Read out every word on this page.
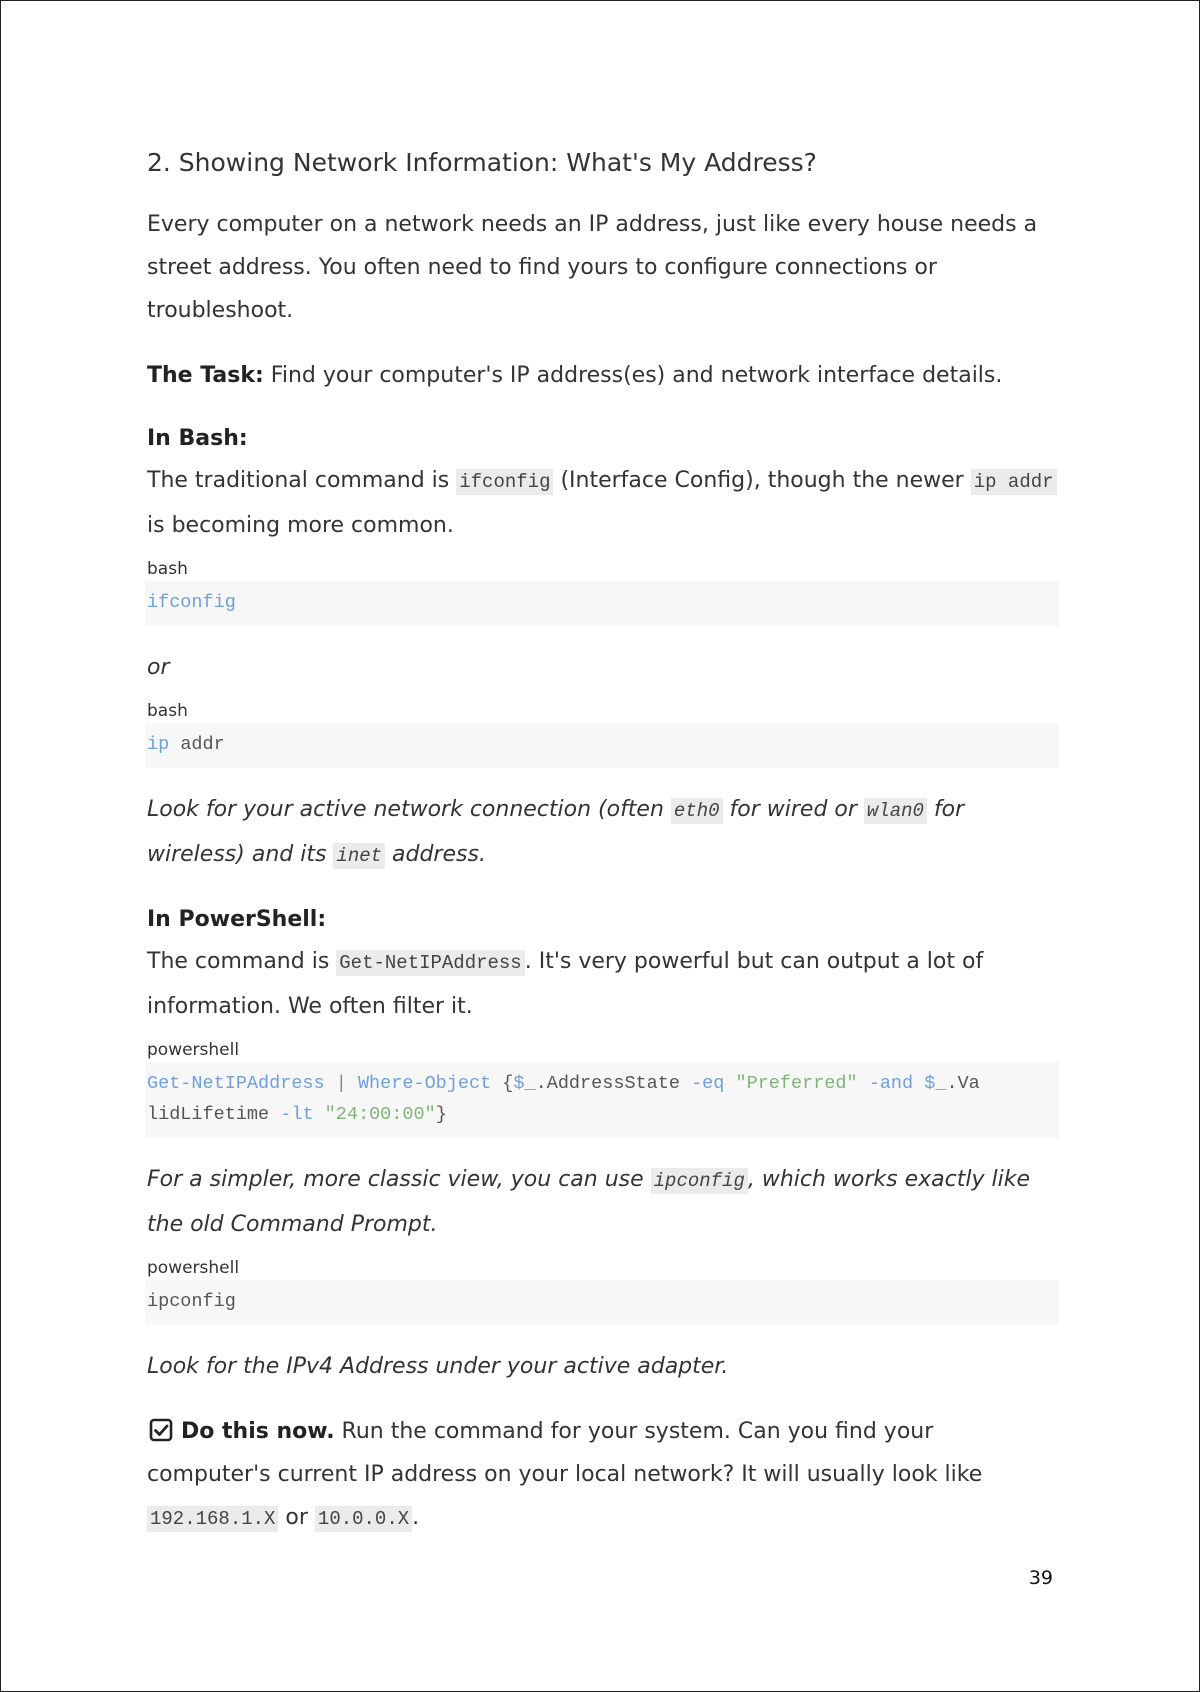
2. Showing Network Information: What's My Address?

Every computer on a network needs an IP address, just like every house needs a street address. You often need to find yours to configure connections or troubleshoot.

The Task: Find your computer's IP address(es) and network interface details.

In Bash:

The traditional command is ifconfig (Interface Config), though the newer ip addr is becoming more common.

bash
ifconfig

or

bash
ip addr

Look for your active network connection (often eth0 for wired or wlan0 for wireless) and its inet address.

In PowerShell:

The command is Get-NetIPAddress . It's very powerful but can output a lot of information. We often filter it.

powershell
Get-NetIPAddress | Where-Object {$_.AddressState -eq "Preferred" -and $_.Va
lidLifetime -lt "24:00:00"}

For a simpler, more classic view, you can use ipconfig , which works exactly like the old Command Prompt.

powershell
ipconfig

Look for the IPv4 Address under your active adapter.

Do this now. Run the command for your system. Can you find your computer's current IP address on your local network? It will usually look like 192.168.1.X or 10.0.0.X .

39
